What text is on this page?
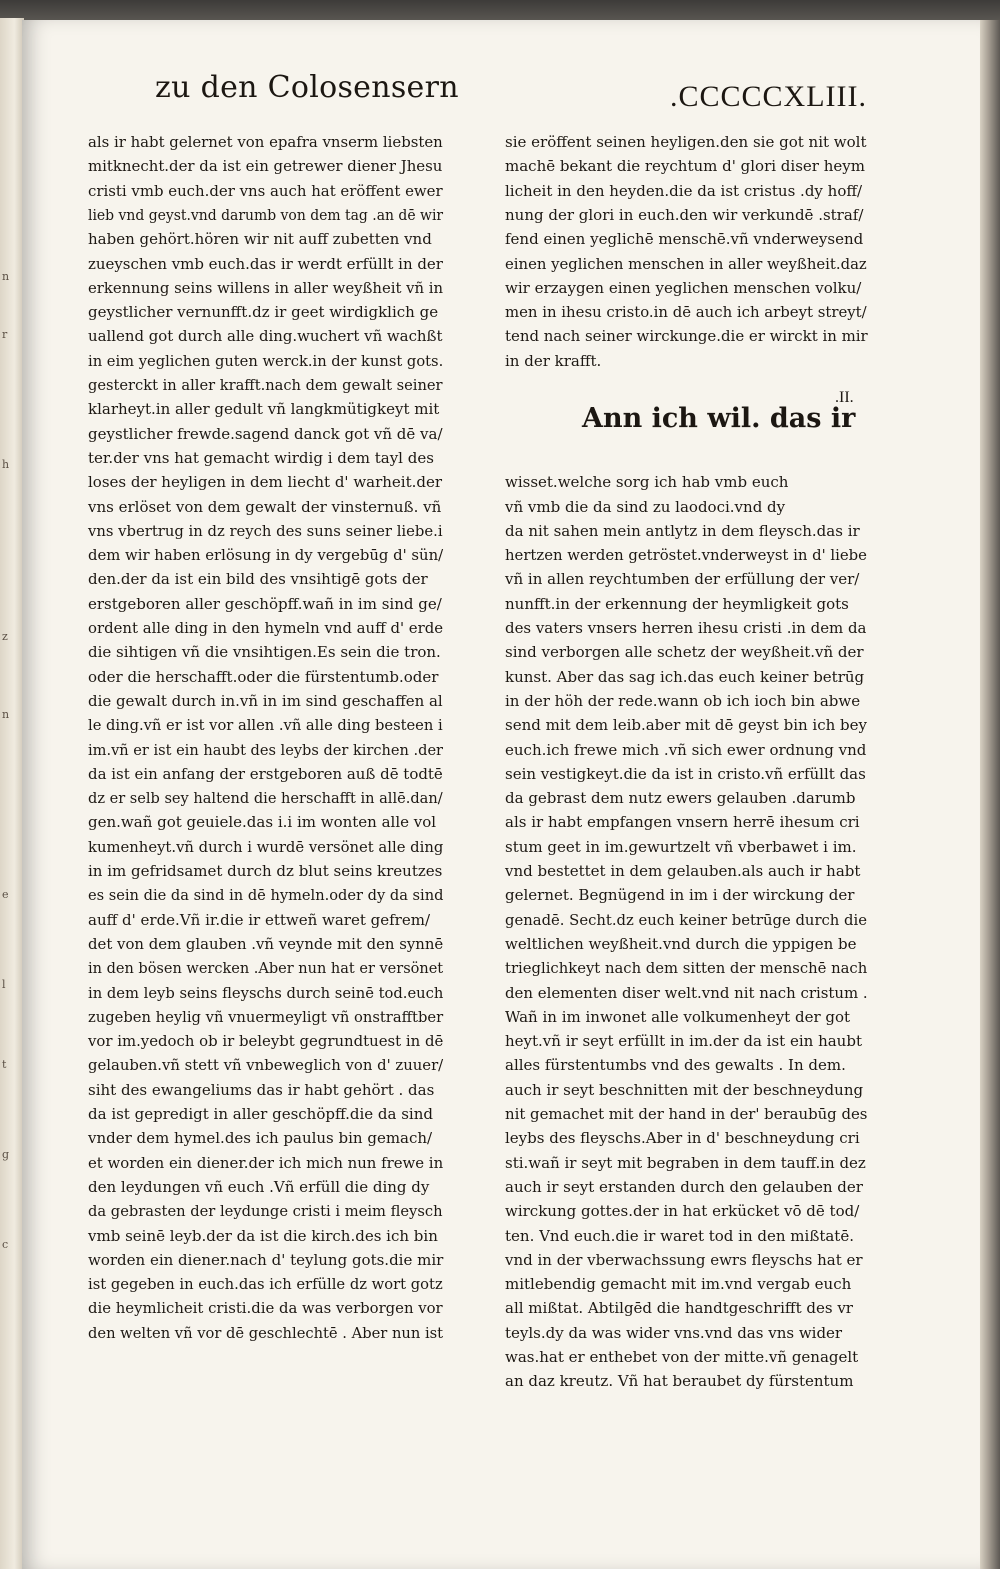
n
r
h
z
n
e
l
t
g
c
zu den Colosensern	.CCCCCXLIII.
als ir habt gelernet von epafra vnserm liebsten
mitknecht.der da ist ein getrewer diener Jhesu
cristi vmb euch.der vns auch hat eröffent ewer
lieb vnd geyst.vnd darumb von dem tag .an dē wir
haben gehört.hören wir nit auff zubetten vnd
zueyschen vmb euch.das ir werdt erfüllt in der
erkennung seins willens in aller weyßheit vñ in
geystlicher vernunfft.dz ir geet wirdigklich ge
uallend got durch alle ding.wuchert vñ wachßt
in eim yeglichen guten werck.in der kunst gots.
gesterckt in aller krafft.nach dem gewalt seiner
klarheyt.in aller gedult vñ langkmütigkeyt mit
geystlicher frewde.sagend danck got vñ dē va/
ter.der vns hat gemacht wirdig i dem tayl des
loses der heyligen in dem liecht d' warheit.der
vns erlöset von dem gewalt der vinsternuß. vñ
vns vbertrug in dz reych des suns seiner liebe.i
dem wir haben erlösung in dy vergebūg d' sün/
den.der da ist ein bild des vnsihtigē gots der
erstgeboren aller geschöpff.wañ in im sind ge/
ordent alle ding in den hymeln vnd auff d' erde
die sihtigen vñ die vnsihtigen.Es sein die tron.
oder die herschafft.oder die fürstentumb.oder
die gewalt durch in.vñ in im sind geschaffen al
le ding.vñ er ist vor allen .vñ alle ding besteen i
im.vñ er ist ein haubt des leybs der kirchen .der
da ist ein anfang der erstgeboren auß dē todtē
dz er selb sey haltend die herschafft in allē.dan/
gen.wañ got geuiele.das i.i im wonten alle vol
kumenheyt.vñ durch i wurdē versönet alle ding
in im gefridsamet durch dz blut seins kreutzes
es sein die da sind in dē hymeln.oder dy da sind
auff d' erde.Vñ ir.die ir ettweñ waret gefrem/
det von dem glauben .vñ veynde mit den synnē
in den bösen wercken .Aber nun hat er versönet
in dem leyb seins fleyschs durch seinē tod.euch
zugeben heylig vñ vnuermeyligt vñ onstrafftber
vor im.yedoch ob ir beleybt gegrundtuest in dē
gelauben.vñ stett vñ vnbeweglich von d' zuuer/
siht des ewangeliums das ir habt gehört . das
da ist gepredigt in aller geschöpff.die da sind
vnder dem hymel.des ich paulus bin gemach/
et worden ein diener.der ich mich nun frewe in
den leydungen vñ euch .Vñ erfüll die ding dy
da gebrasten der leydunge cristi i meim fleysch
vmb seinē leyb.der da ist die kirch.des ich bin
worden ein diener.nach d' teylung gots.die mir
ist gegeben in euch.das ich erfülle dz wort gotz
die heymlicheit cristi.die da was verborgen vor
den welten vñ vor dē geschlechtē . Aber nun ist
sie eröffent seinen heyligen.den sie got nit wolt
machē bekant die reychtum d' glori diser heym
licheit in den heyden.die da ist cristus .dy hoff/
nung der glori in euch.den wir verkundē .straf/
fend einen yeglichē menschē.vñ vnderweysend
einen yeglichen menschen in aller weyßheit.daz
wir erzaygen einen yeglichen menschen volku/
men in ihesu cristo.in dē auch ich arbeyt streyt/
tend nach seiner wirckunge.die er wirckt in mir
in der krafft.
wisset.welche sorg ich hab vmb euch
vñ vmb die da sind zu laodoci.vnd dy
da nit sahen mein antlytz in dem fleysch.das ir
hertzen werden getröstet.vnderweyst in d' liebe
vñ in allen reychtumben der erfüllung der ver/
nunfft.in der erkennung der heymligkeit gots
des vaters vnsers herren ihesu cristi .in dem da
sind verborgen alle schetz der weyßheit.vñ der
kunst. Aber das sag ich.das euch keiner betrūg
in der höh der rede.wann ob ich ioch bin abwe
send mit dem leib.aber mit dē geyst bin ich bey
euch.ich frewe mich .vñ sich ewer ordnung vnd
sein vestigkeyt.die da ist in cristo.vñ erfüllt das
da gebrast dem nutz ewers gelauben .darumb
als ir habt empfangen vnsern herrē ihesum cri
stum geet in im.gewurtzelt vñ vberbawet i im.
vnd bestettet in dem gelauben.als auch ir habt
gelernet. Begnügend in im i der wirckung der
genadē. Secht.dz euch keiner betrūge durch die
weltlichen weyßheit.vnd durch die yppigen be
trieglichkeyt nach dem sitten der menschē nach
den elementen diser welt.vnd nit nach cristum .
Wañ in im inwonet alle volkumenheyt der got
heyt.vñ ir seyt erfüllt in im.der da ist ein haubt
alles fürstentumbs vnd des gewalts . In dem.
auch ir seyt beschnitten mit der beschneydung
nit gemachet mit der hand in der' beraubūg des
leybs des fleyschs.Aber in d' beschneydung cri
sti.wañ ir seyt mit begraben in dem tauff.in dez
auch ir seyt erstanden durch den gelauben der
wirckung gottes.der in hat erkücket vō dē tod/
ten. Vnd euch.die ir waret tod in den mißtatē.
vnd in der vberwachssung ewrs fleyschs hat er
mitlebendig gemacht mit im.vnd vergab euch
all mißtat. Abtilgēd die handtgeschrifft des vr
teyls.dy da was wider vns.vnd das vns wider
was.hat er enthebet von der mitte.vñ genagelt
an daz kreutz. Vñ hat beraubet dy fürstentum
.II.
Ann ich wil. das ir
